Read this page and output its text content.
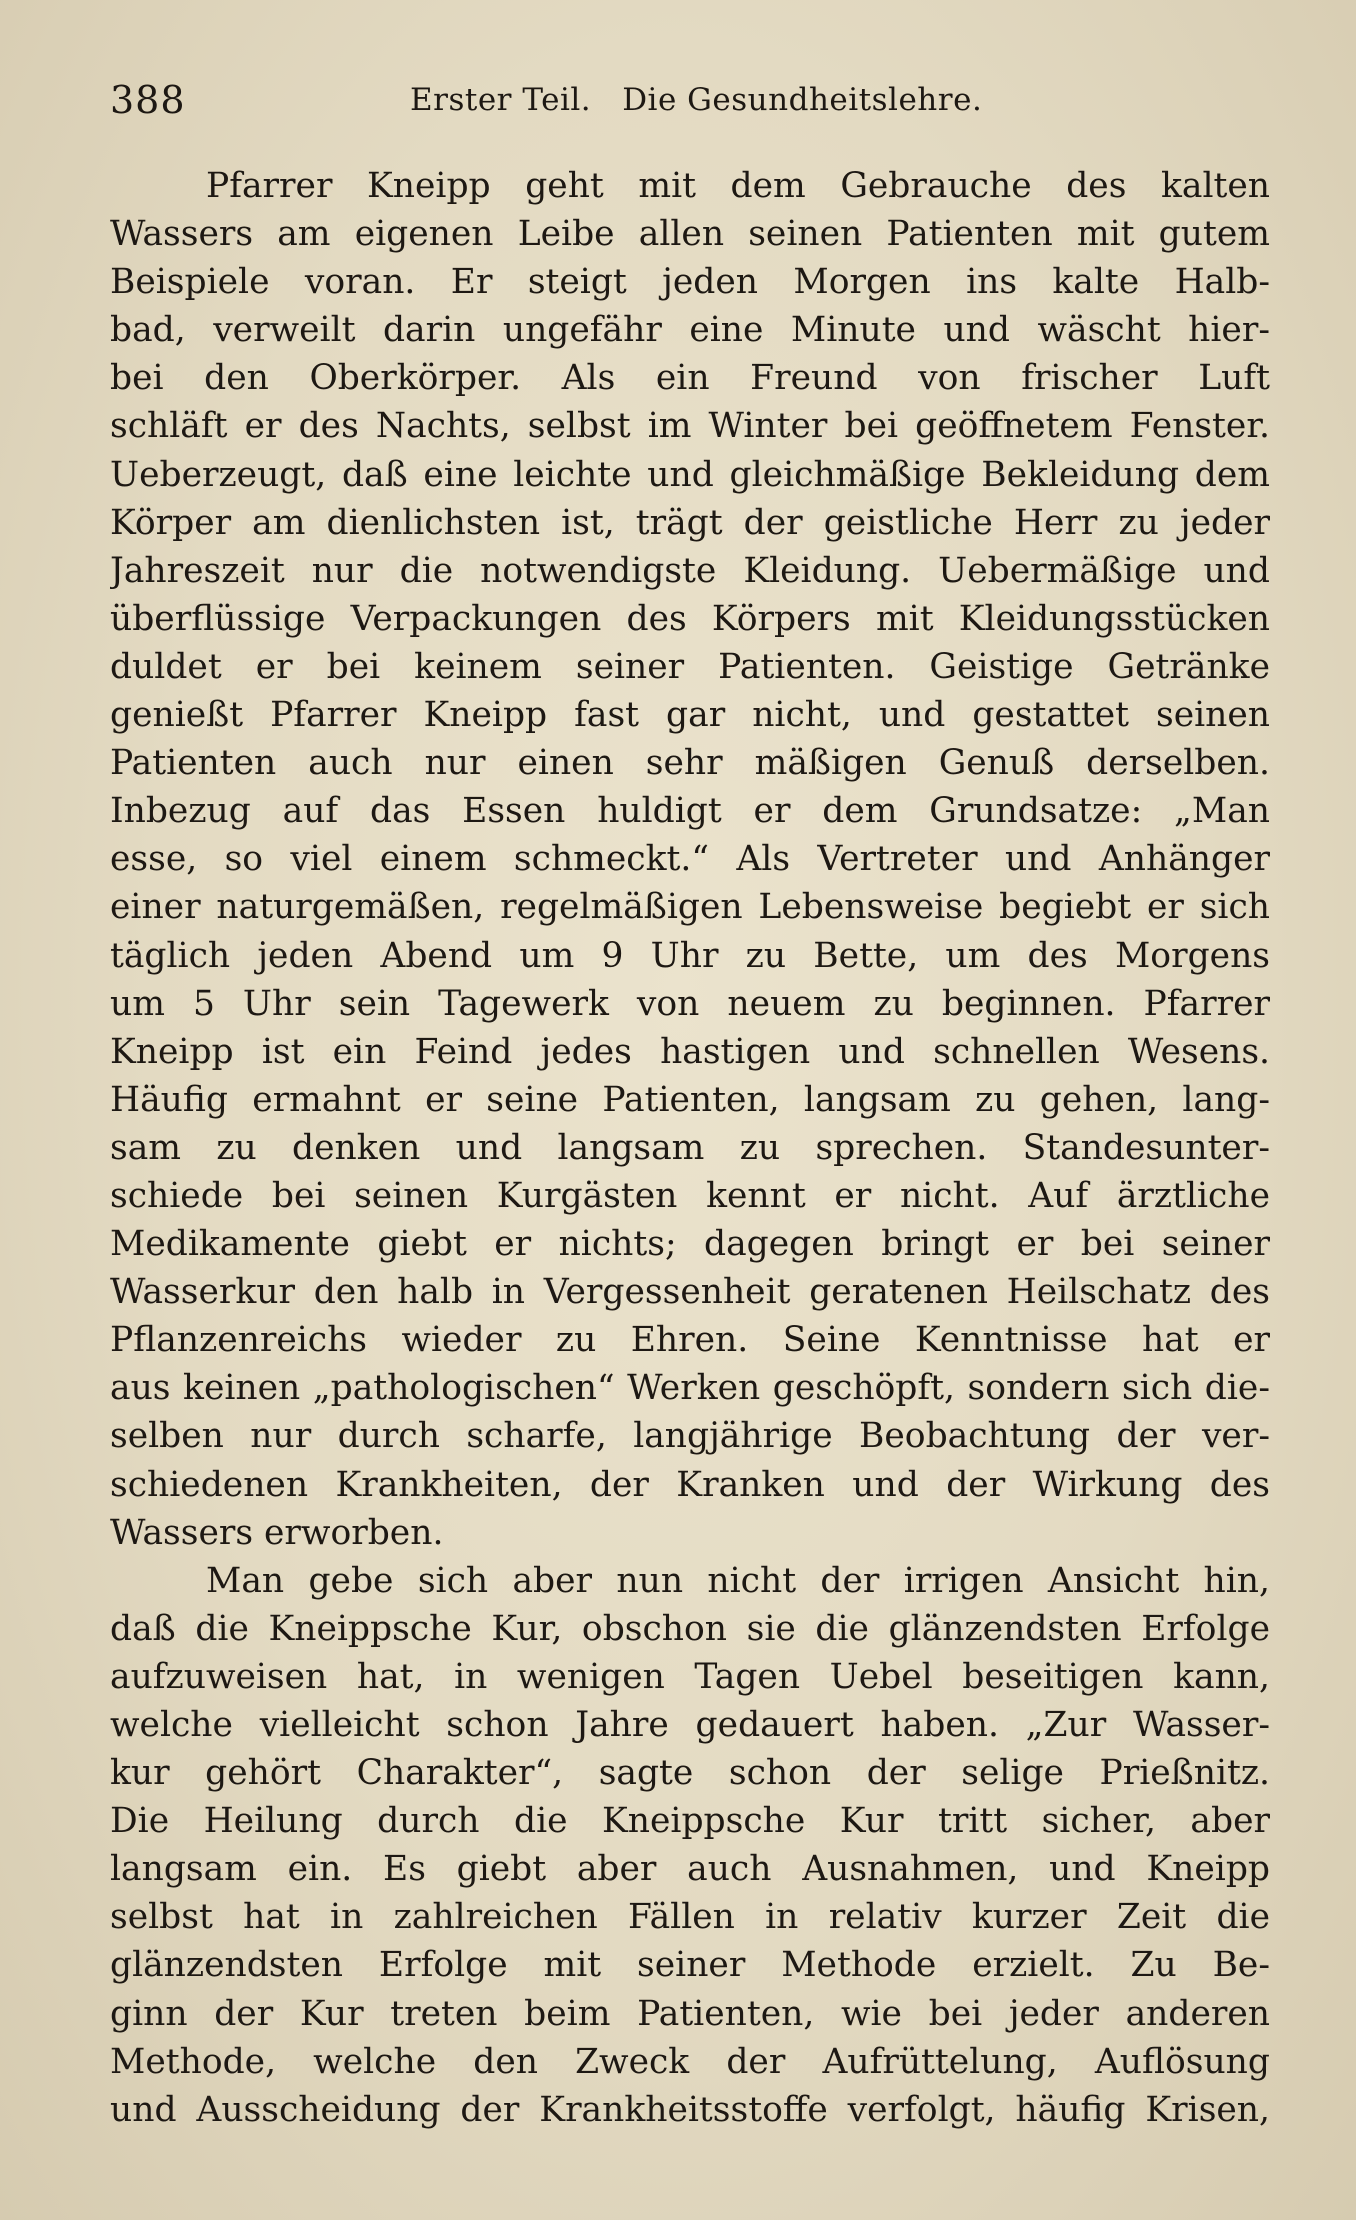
388	Erster Teil.   Die Gesundheitslehre.
Pfarrer Kneipp geht mit dem Gebrauche des kalten
Wassers am eigenen Leibe allen seinen Patienten mit gutem
Beispiele voran. Er steigt jeden Morgen ins kalte Halb-
bad, verweilt darin ungefähr eine Minute und wäscht hier-
bei den Oberkörper. Als ein Freund von frischer Luft
schläft er des Nachts, selbst im Winter bei geöffnetem Fenster.
Ueberzeugt, daß eine leichte und gleichmäßige Bekleidung dem
Körper am dienlichsten ist, trägt der geistliche Herr zu jeder
Jahreszeit nur die notwendigste Kleidung. Uebermäßige und
überflüssige Verpackungen des Körpers mit Kleidungsstücken
duldet er bei keinem seiner Patienten. Geistige Getränke
genießt Pfarrer Kneipp fast gar nicht, und gestattet seinen
Patienten auch nur einen sehr mäßigen Genuß derselben.
Inbezug auf das Essen huldigt er dem Grundsatze: „Man
esse, so viel einem schmeckt.“ Als Vertreter und Anhänger
einer naturgemäßen, regelmäßigen Lebensweise begiebt er sich
täglich jeden Abend um 9 Uhr zu Bette, um des Morgens
um 5 Uhr sein Tagewerk von neuem zu beginnen. Pfarrer
Kneipp ist ein Feind jedes hastigen und schnellen Wesens.
Häufig ermahnt er seine Patienten, langsam zu gehen, lang-
sam zu denken und langsam zu sprechen. Standesunter-
schiede bei seinen Kurgästen kennt er nicht. Auf ärztliche
Medikamente giebt er nichts; dagegen bringt er bei seiner
Wasserkur den halb in Vergessenheit geratenen Heilschatz des
Pflanzenreichs wieder zu Ehren. Seine Kenntnisse hat er
aus keinen „pathologischen“ Werken geschöpft, sondern sich die-
selben nur durch scharfe, langjährige Beobachtung der ver-
schiedenen Krankheiten, der Kranken und der Wirkung des
Wassers erworben.
Man gebe sich aber nun nicht der irrigen Ansicht hin,
daß die Kneippsche Kur, obschon sie die glänzendsten Erfolge
aufzuweisen hat, in wenigen Tagen Uebel beseitigen kann,
welche vielleicht schon Jahre gedauert haben. „Zur Wasser-
kur gehört Charakter“, sagte schon der selige Prießnitz.
Die Heilung durch die Kneippsche Kur tritt sicher, aber
langsam ein. Es giebt aber auch Ausnahmen, und Kneipp
selbst hat in zahlreichen Fällen in relativ kurzer Zeit die
glänzendsten Erfolge mit seiner Methode erzielt. Zu Be-
ginn der Kur treten beim Patienten, wie bei jeder anderen
Methode, welche den Zweck der Aufrüttelung, Auflösung
und Ausscheidung der Krankheitsstoffe verfolgt, häufig Krisen,
